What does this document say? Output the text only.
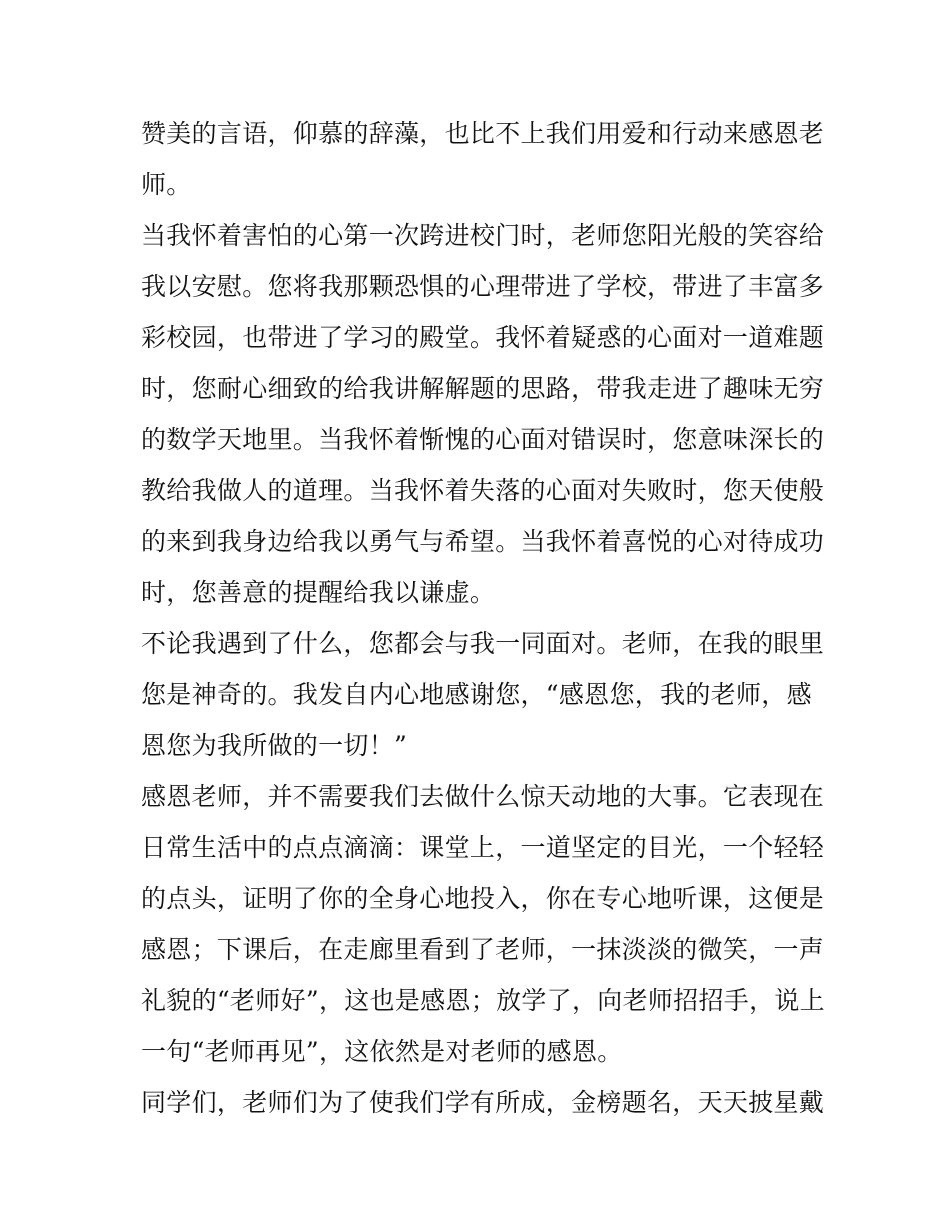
赞美的言语，仰慕的辞藻，也比不上我们用爱和行动来感恩老
师。
当我怀着害怕的心第一次跨进校门时，老师您阳光般的笑容给
我以安慰。您将我那颗恐惧的心理带进了学校，带进了丰富多
彩校园，也带进了学习的殿堂。我怀着疑惑的心面对一道难题
时，您耐心细致的给我讲解解题的思路，带我走进了趣味无穷
的数学天地里。当我怀着惭愧的心面对错误时，您意味深长的
教给我做人的道理。当我怀着失落的心面对失败时，您天使般
的来到我身边给我以勇气与希望。当我怀着喜悦的心对待成功
时，您善意的提醒给我以谦虚。
不论我遇到了什么，您都会与我一同面对。老师，在我的眼里
您是神奇的。我发自内心地感谢您，“感恩您，我的老师，感
恩您为我所做的一切！”
感恩老师，并不需要我们去做什么惊天动地的大事。它表现在
日常生活中的点点滴滴：课堂上，一道坚定的目光，一个轻轻
的点头，证明了你的全身心地投入，你在专心地听课，这便是
感恩；下课后，在走廊里看到了老师，一抹淡淡的微笑，一声
礼貌的“老师好”，这也是感恩；放学了，向老师招招手，说上
一句“老师再见”，这依然是对老师的感恩。
同学们，老师们为了使我们学有所成，金榜题名，天天披星戴
